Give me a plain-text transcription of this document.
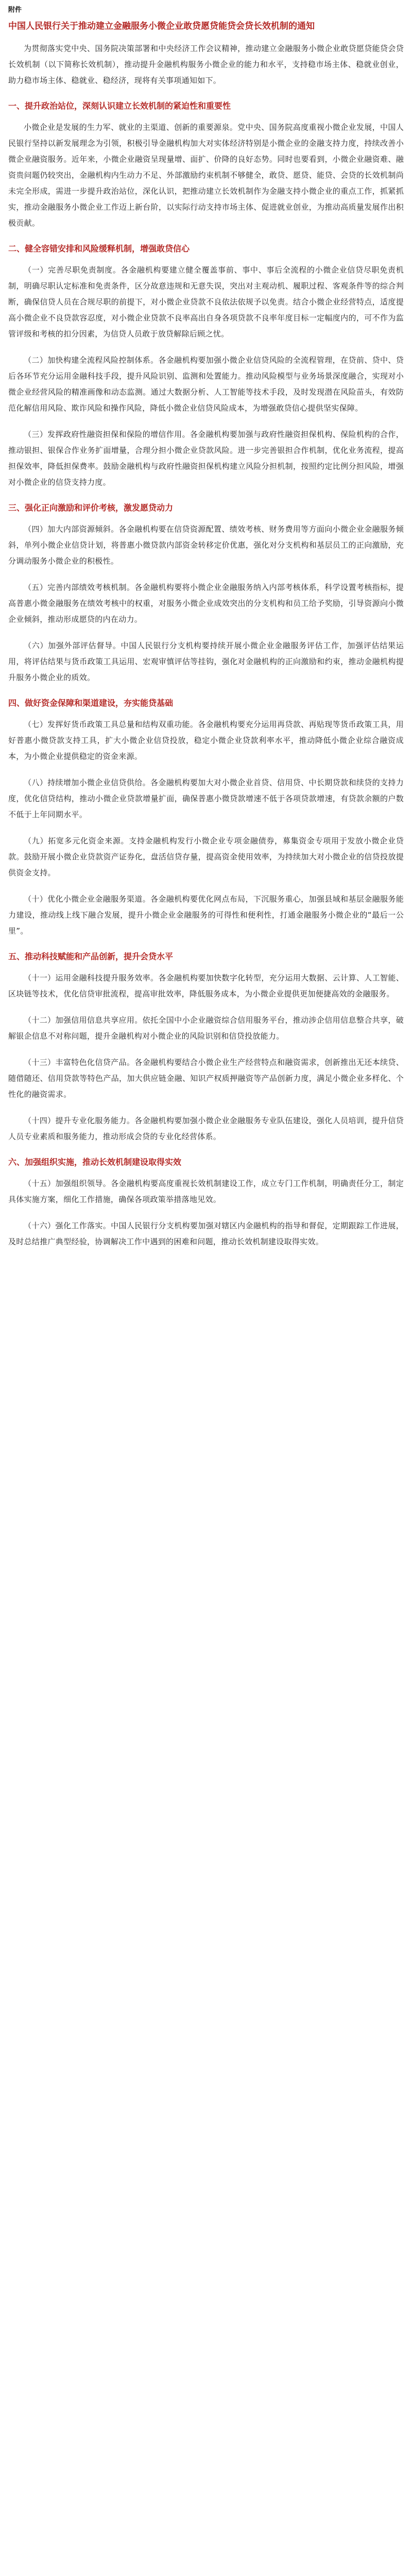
附件
中国人民银行关于推动建立金融服务小微企业敢贷愿贷能贷会贷长效机制的通知

为贯彻落实党中央、国务院决策部署和中央经济工作会议精神，推动建立金融服务小微企业敢贷愿贷能贷会贷长效机制（以下简称长效机制），推动提升金融机构服务小微企业的能力和水平，支持稳市场主体、稳就业创业，助力稳市场主体、稳就业、稳经济，现将有关事项通知如下。

一、提升政治站位，深刻认识建立长效机制的紧迫性和重要性

小微企业是发展的生力军、就业的主渠道、创新的重要源泉。党中央、国务院高度重视小微企业发展，中国人民银行坚持以新发展理念为引领，积极引导金融机构加大对实体经济特别是小微企业的金融支持力度，持续改善小微企业融资服务。近年来，小微企业融资呈现量增、面扩、价降的良好态势。同时也要看到，小微企业融资难、融资贵问题仍较突出，金融机构内生动力不足、外部激励约束机制不够健全，敢贷、愿贷、能贷、会贷的长效机制尚未完全形成，需进一步提升政治站位，深化认识，把推动建立长效机制作为金融支持小微企业的重点工作，抓紧抓实，推动金融服务小微企业工作迈上新台阶，以实际行动支持市场主体、促进就业创业，为推动高质量发展作出积极贡献。

二、健全容错安排和风险缓释机制，增强敢贷信心

（一）完善尽职免责制度。各金融机构要建立健全覆盖事前、事中、事后全流程的小微企业信贷尽职免责机制，明确尽职认定标准和免责条件，区分故意违规和无意失误，突出对主观动机、履职过程、客观条件等的综合判断，确保信贷人员在合规尽职的前提下，对小微企业贷款不良依法依规予以免责。结合小微企业经营特点，适度提高小微企业不良贷款容忍度，对小微企业贷款不良率高出自身各项贷款不良率年度目标一定幅度内的，可不作为监管评级和考核的扣分因素，为信贷人员敢于放贷解除后顾之忧。

（二）加快构建全流程风险控制体系。各金融机构要加强小微企业信贷风险的全流程管理，在贷前、贷中、贷后各环节充分运用金融科技手段，提升风险识别、监测和处置能力。推动风险模型与业务场景深度融合，实现对小微企业经营风险的精准画像和动态监测。通过大数据分析、人工智能等技术手段，及时发现潜在风险苗头，有效防范化解信用风险、欺诈风险和操作风险，降低小微企业信贷风险成本，为增强敢贷信心提供坚实保障。

（三）发挥政府性融资担保和保险的增信作用。各金融机构要加强与政府性融资担保机构、保险机构的合作，推动银担、银保合作业务扩面增量，合理分担小微企业贷款风险。进一步完善银担合作机制，优化业务流程，提高担保效率，降低担保费率。鼓励金融机构与政府性融资担保机构建立风险分担机制，按照约定比例分担风险，增强对小微企业的信贷支持力度。

三、强化正向激励和评价考核，激发愿贷动力

（四）加大内部资源倾斜。各金融机构要在信贷资源配置、绩效考核、财务费用等方面向小微企业金融服务倾斜，单列小微企业信贷计划，将普惠小微贷款内部资金转移定价优惠，强化对分支机构和基层员工的正向激励，充分调动服务小微企业的积极性。

（五）完善内部绩效考核机制。各金融机构要将小微企业金融服务纳入内部考核体系，科学设置考核指标，提高普惠小微金融服务在绩效考核中的权重，对服务小微企业成效突出的分支机构和员工给予奖励，引导资源向小微企业倾斜，推动形成愿贷的内在动力。

（六）加强外部评估督导。中国人民银行分支机构要持续开展小微企业金融服务评估工作，加强评估结果运用，将评估结果与货币政策工具运用、宏观审慎评估等挂钩，强化对金融机构的正向激励和约束，推动金融机构提升服务小微企业的质效。

四、做好资金保障和渠道建设，夯实能贷基础

（七）发挥好货币政策工具总量和结构双重功能。各金融机构要充分运用再贷款、再贴现等货币政策工具，用好普惠小微贷款支持工具，扩大小微企业信贷投放，稳定小微企业贷款利率水平，推动降低小微企业综合融资成本，为小微企业提供稳定的资金来源。

（八）持续增加小微企业信贷供给。各金融机构要加大对小微企业首贷、信用贷、中长期贷款和续贷的支持力度，优化信贷结构，推动小微企业贷款增量扩面，确保普惠小微贷款增速不低于各项贷款增速，有贷款余额的户数不低于上年同期水平。

（九）拓宽多元化资金来源。支持金融机构发行小微企业专项金融债券，募集资金专项用于发放小微企业贷款。鼓励开展小微企业贷款资产证券化，盘活信贷存量，提高资金使用效率，为持续加大对小微企业的信贷投放提供资金支持。

（十）优化小微企业金融服务渠道。各金融机构要优化网点布局，下沉服务重心，加强县域和基层金融服务能力建设，推动线上线下融合发展，提升小微企业金融服务的可得性和便利性，打通金融服务小微企业的“最后一公里”。

五、推动科技赋能和产品创新，提升会贷水平

（十一）运用金融科技提升服务效率。各金融机构要加快数字化转型，充分运用大数据、云计算、人工智能、区块链等技术，优化信贷审批流程，提高审批效率，降低服务成本，为小微企业提供更加便捷高效的金融服务。

（十二）加强信用信息共享应用。依托全国中小企业融资综合信用服务平台，推动涉企信用信息整合共享，破解银企信息不对称问题，提升金融机构对小微企业的风险识别和信贷投放能力。

（十三）丰富特色化信贷产品。各金融机构要结合小微企业生产经营特点和融资需求，创新推出无还本续贷、随借随还、信用贷款等特色产品，加大供应链金融、知识产权质押融资等产品创新力度，满足小微企业多样化、个性化的融资需求。

（十四）提升专业化服务能力。各金融机构要加强小微企业金融服务专业队伍建设，强化人员培训，提升信贷人员专业素质和服务能力，推动形成会贷的专业化经营体系。

六、加强组织实施，推动长效机制建设取得实效

（十五）加强组织领导。各金融机构要高度重视长效机制建设工作，成立专门工作机制，明确责任分工，制定具体实施方案，细化工作措施，确保各项政策举措落地见效。

（十六）强化工作落实。中国人民银行分支机构要加强对辖区内金融机构的指导和督促，定期跟踪工作进展，及时总结推广典型经验，协调解决工作中遇到的困难和问题，推动长效机制建设取得实效。
